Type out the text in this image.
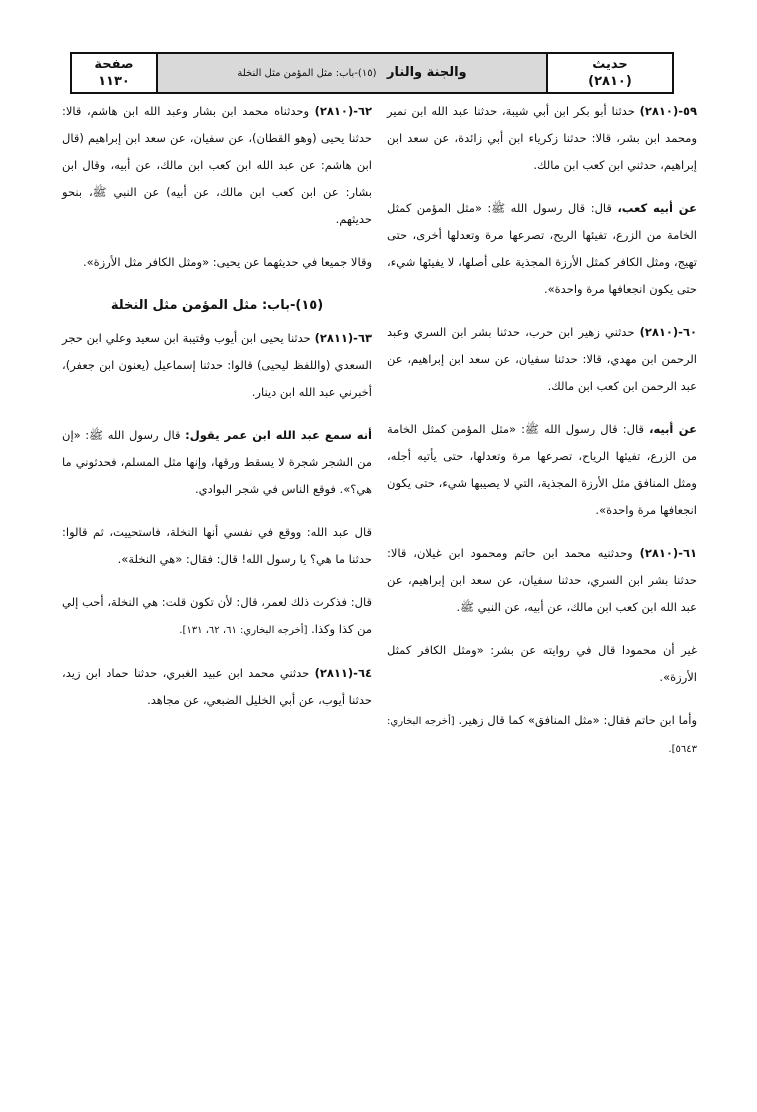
حديث
(٢٨١٠)
والجنة والنار (١٥)-باب: مثل المؤمن مثل النخلة
صفحة
١١٣٠

٥٩-(٢٨١٠) حدثنا أبو بكر ابن أبي شيبة، حدثنا عبد الله ابن نمير ومحمد ابن بشر، قالا: حدثنا زكرياء ابن أبي زائدة، عن سعد ابن إبراهيم، حدثني ابن كعب ابن مالك.

عن أبيه كعب، قال: قال رسول الله ﷺ: «مثل المؤمن كمثل الخامة من الزرع، تفيئها الريح، تصرعها مرة وتعدلها أخرى، حتى تهيج، ومثل الكافر كمثل الأرزة المجذية على أصلها، لا يفيئها شيء، حتى يكون انجعافها مرة واحدة».

٦٠-(٢٨١٠) حدثني زهير ابن حرب، حدثنا بشر ابن السري وعبد الرحمن ابن مهدي، قالا: حدثنا سفيان، عن سعد ابن إبراهيم، عن عبد الرحمن ابن كعب ابن مالك.

عن أبيه، قال: قال رسول الله ﷺ: «مثل المؤمن كمثل الخامة من الزرع، تفيئها الرياح، تصرعها مرة وتعدلها، حتى يأتيه أجله، ومثل المنافق مثل الأرزة المجذية، التي لا يصيبها شيء، حتى يكون انجعافها مرة واحدة».

٦١-(٢٨١٠) وحدثنيه محمد ابن حاتم ومحمود ابن غيلان، قالا: حدثنا بشر ابن السري، حدثنا سفيان، عن سعد ابن إبراهيم، عن عبد الله ابن كعب ابن مالك، عن أبيه، عن النبي ﷺ.

غير أن محمودا قال في روايته عن بشر: «ومثل الكافر كمثل الأرزة».

وأما ابن حاتم فقال: «مثل المنافق» كما قال زهير. [أخرجه البخاري: ٥٦٤٣].

٦٢-(٢٨١٠) وحدثناه محمد ابن بشار وعبد الله ابن هاشم، قالا: حدثنا يحيى (وهو القطان)، عن سفيان، عن سعد ابن إبراهيم (قال ابن هاشم: عن عبد الله ابن كعب ابن مالك، عن أبيه، وقال ابن بشار: عن ابن كعب ابن مالك، عن أبيه) عن النبي ﷺ، بنحو حديثهم.

وقالا جميعا في حديثهما عن يحيى: «ومثل الكافر مثل الأرزة».

(١٥)-باب: مثل المؤمن مثل النخلة

٦٣-(٢٨١١) حدثنا يحيى ابن أيوب وقتيبة ابن سعيد وعلي ابن حجر السعدي (واللفظ ليحيى) قالوا: حدثنا إسماعيل (يعنون ابن جعفر)، أخبرني عبد الله ابن دينار.

أنه سمع عبد الله ابن عمر يقول: قال رسول الله ﷺ: «إن من الشجر شجرة لا يسقط ورقها، وإنها مثل المسلم، فحدثوني ما هي؟». فوقع الناس في شجر البوادي.

قال عبد الله: ووقع في نفسي أنها النخلة، فاستحييت، ثم قالوا: حدثنا ما هي؟ يا رسول الله! قال: فقال: «هي النخلة».

قال: فذكرت ذلك لعمر، قال: لأن تكون قلت: هي النخلة، أحب إلي من كذا وكذا. [أخرجه البخاري: ٦١، ٦٢، ١٣١].

٦٤-(٢٨١١) حدثني محمد ابن عبيد الغبري، حدثنا حماد ابن زيد، حدثنا أيوب، عن أبي الخليل الضبعي، عن مجاهد.
